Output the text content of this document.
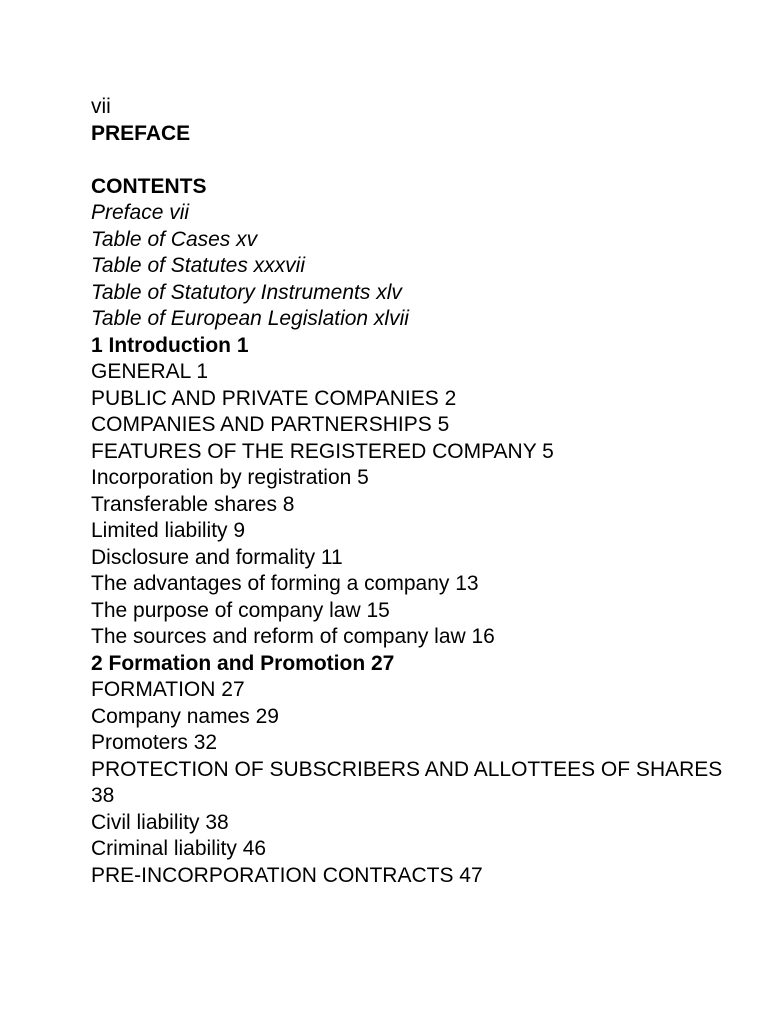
vii

PREFACE

CONTENTS

Preface vii

Table of Cases xv

Table of Statutes xxxvii

Table of Statutory Instruments xlv

Table of European Legislation xlvii

1 Introduction 1

GENERAL 1

PUBLIC AND PRIVATE COMPANIES 2

COMPANIES AND PARTNERSHIPS 5

FEATURES OF THE REGISTERED COMPANY 5

Incorporation by registration 5

Transferable shares 8

Limited liability 9

Disclosure and formality 11

The advantages of forming a company 13

The purpose of company law 15

The sources and reform of company law 16

2 Formation and Promotion 27

FORMATION 27

Company names 29

Promoters 32

PROTECTION OF SUBSCRIBERS AND ALLOTTEES OF SHARES 38

Civil liability 38

Criminal liability 46

PRE-INCORPORATION CONTRACTS 47
